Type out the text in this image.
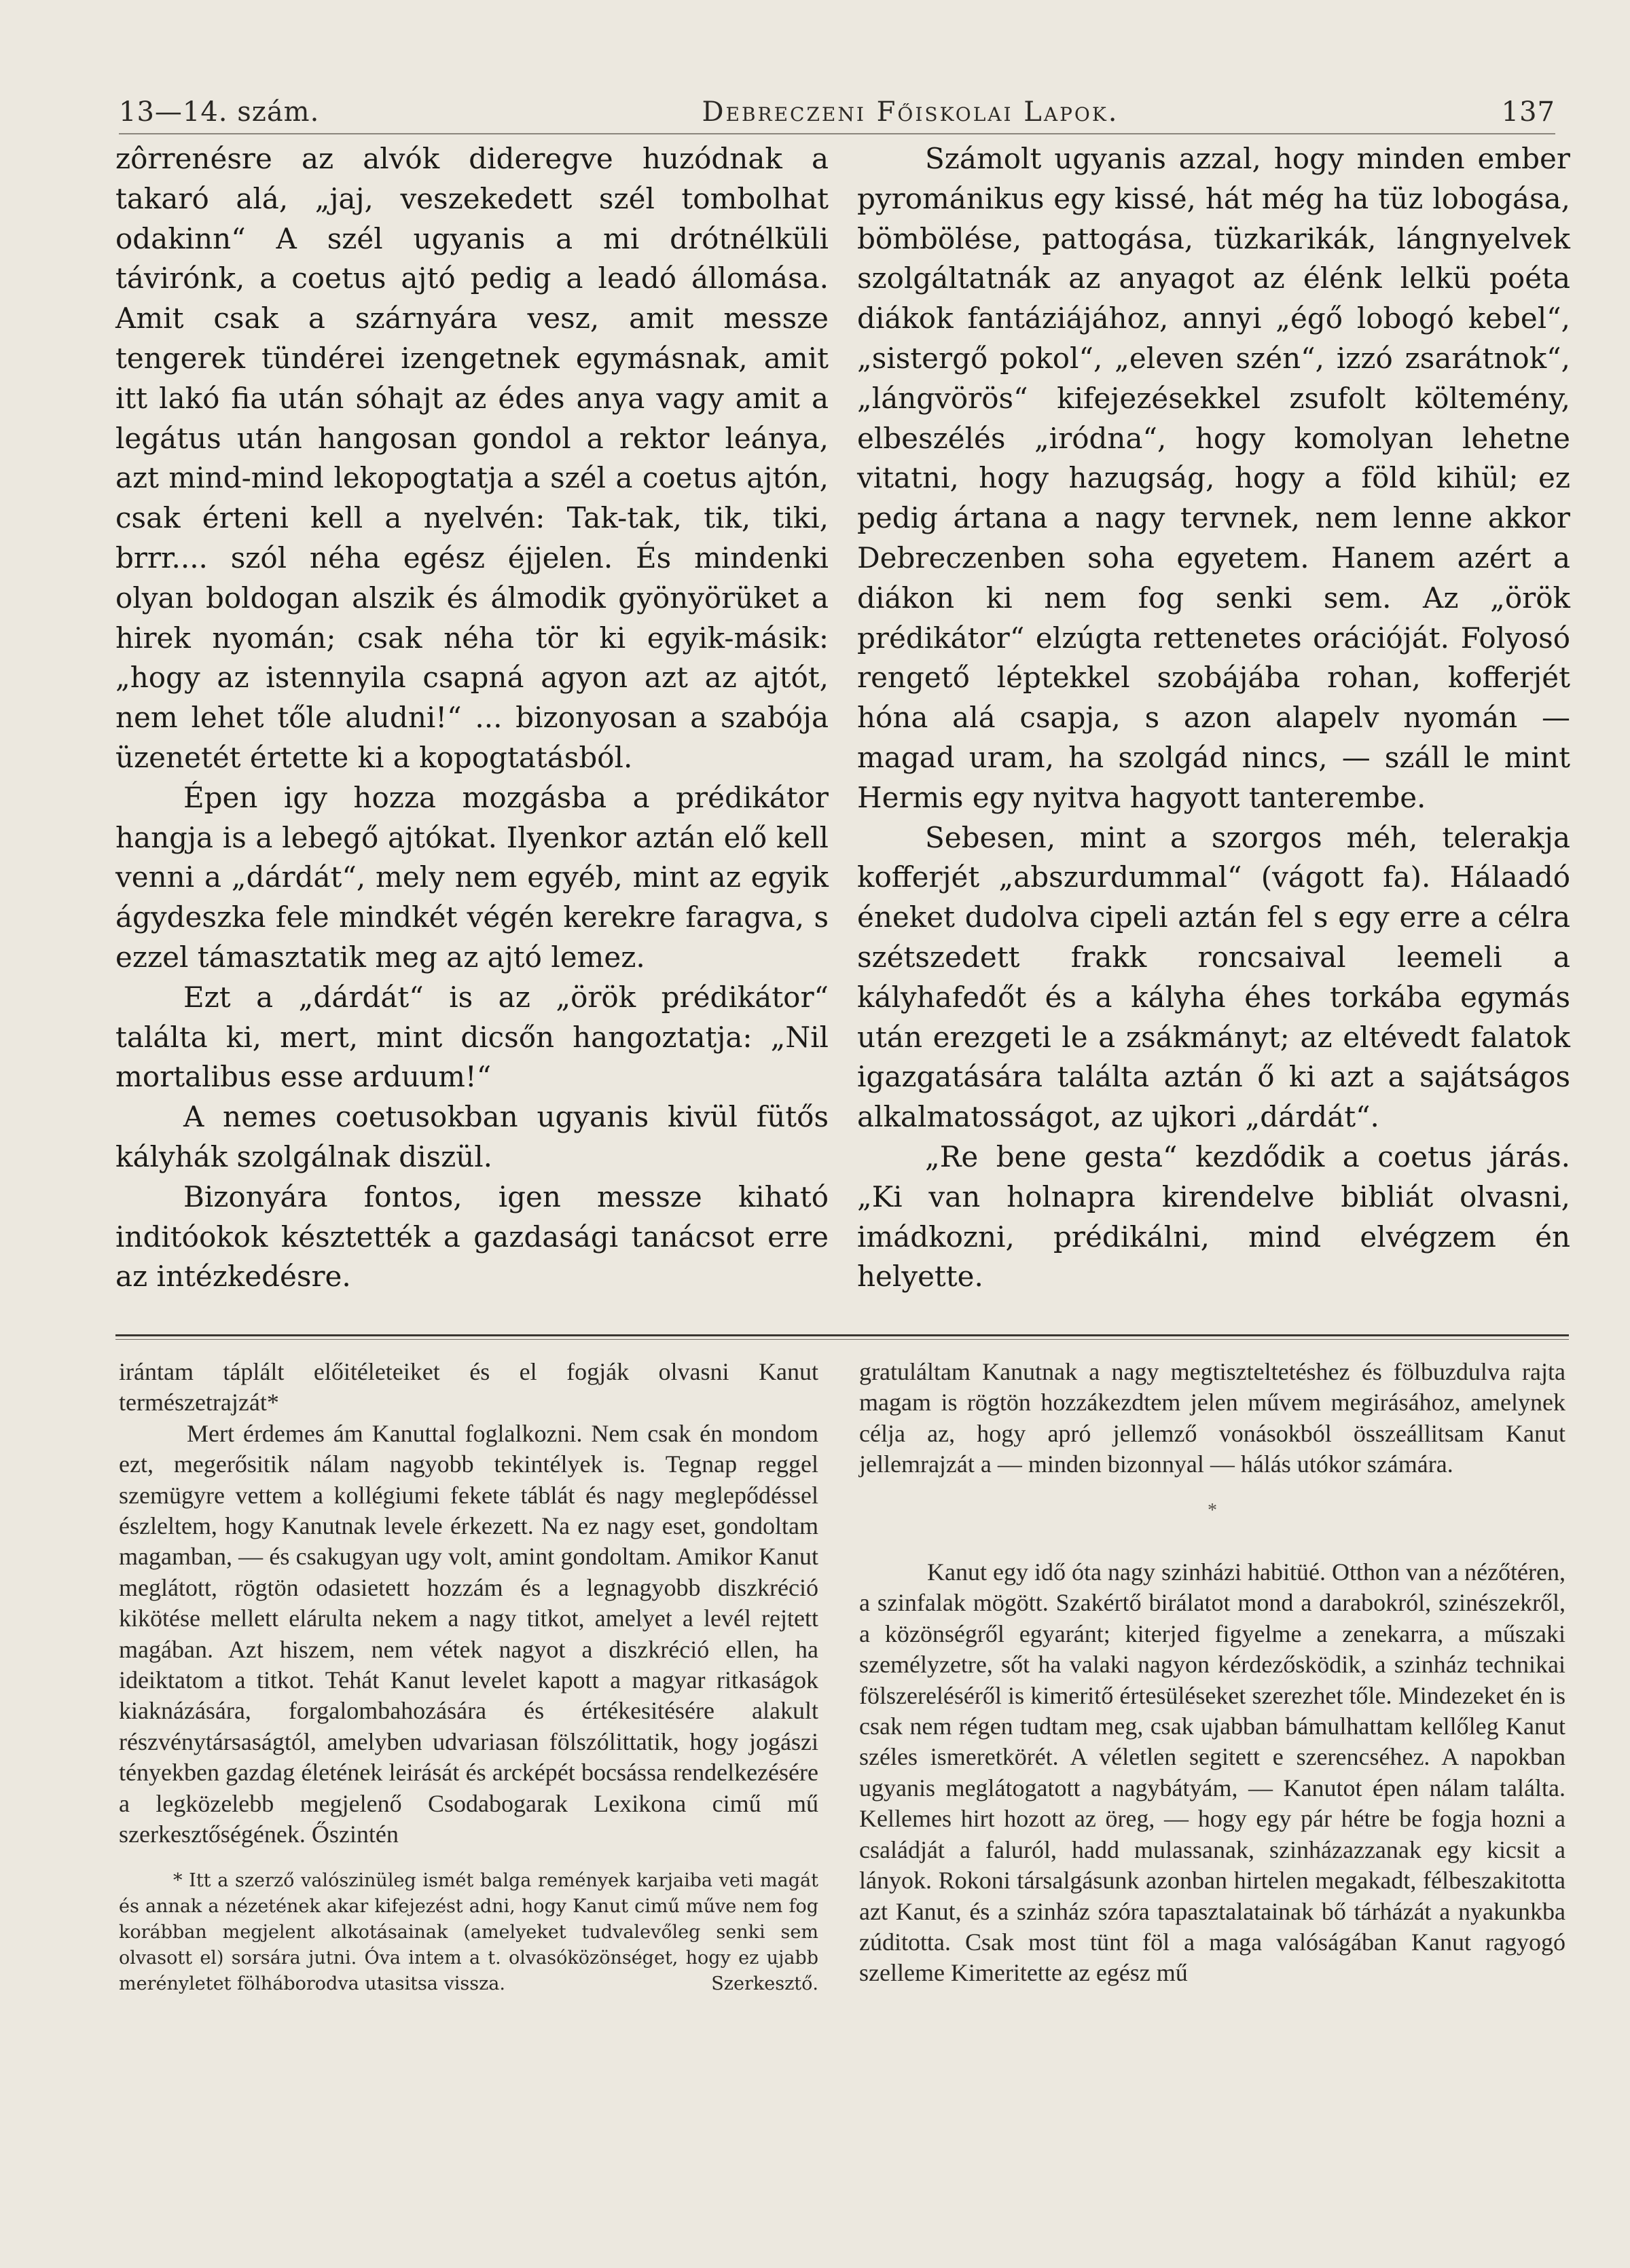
13—14. szám.	Debreczeni Főiskolai Lapok.	137

zôrrenésre az alvók dideregve huzódnak a takaró alá, „jaj, veszekedett szél tombolhat odakinn“ A szél ugyanis a mi drótnélküli távirónk, a coetus ajtó pedig a leadó állomása. Amit csak a szárnyára vesz, amit messze tengerek tündérei izengetnek egymásnak, amit itt lakó fia után sóhajt az édes anya vagy amit a legátus után hangosan gondol a rektor leánya, azt mind-mind lekopogtatja a szél a coetus ajtón, csak érteni kell a nyelvén: Tak-tak, tik, tiki, brrr.... szól néha egész éjjelen. És mindenki olyan boldogan alszik és álmodik gyönyörüket a hirek nyomán; csak néha tör ki egyik-másik: „hogy az istennyila csapná agyon azt az ajtót, nem lehet tőle aludni!“ ... bizonyosan a szabója üzenetét értette ki a kopogtatásból.

Épen igy hozza mozgásba a prédikátor hangja is a lebegő ajtókat. Ilyenkor aztán elő kell venni a „dárdát“, mely nem egyéb, mint az egyik ágydeszka fele mindkét végén kerekre faragva, s ezzel támasztatik meg az ajtó lemez.

Ezt a „dárdát“ is az „örök prédikátor“ találta ki, mert, mint dicsőn hangoztatja: „Nil mortalibus esse arduum!“

A nemes coetusokban ugyanis kivül fütős kályhák szolgálnak diszül.

Bizonyára fontos, igen messze kiható inditóokok késztették a gazdasági tanácsot erre az intézkedésre.

Számolt ugyanis azzal, hogy minden ember pyrománikus egy kissé, hát még ha tüz lobogása, bömbölése, pattogása, tüzkarikák, lángnyelvek szolgáltatnák az anyagot az élénk lelkü poéta diákok fantáziájához, annyi „égő lobogó kebel“, „sistergő pokol“, „eleven szén“, izzó zsarátnok“, „lángvörös“ kifejezésekkel zsufolt költemény, elbeszélés „iródna“, hogy komolyan lehetne vitatni, hogy hazugság, hogy a föld kihül; ez pedig ártana a nagy tervnek, nem lenne akkor Debreczenben soha egyetem. Hanem azért a diákon ki nem fog senki sem. Az „örök prédikátor“ elzúgta rettenetes orációját. Folyosó rengető léptekkel szobájába rohan, kofferjét hóna alá csapja, s azon alapelv nyomán — magad uram, ha szolgád nincs, — száll le mint Hermis egy nyitva hagyott tanterembe.

Sebesen, mint a szorgos méh, telerakja kofferjét „abszurdummal“ (vágott fa). Hálaadó éneket dudolva cipeli aztán fel s egy erre a célra szétszedett frakk roncsaival leemeli a kályhafedőt és a kályha éhes torkába egymás után erezgeti le a zsákmányt; az eltévedt falatok igazgatására találta aztán ő ki azt a sajátságos alkalmatosságot, az ujkori „dárdát“.

„Re bene gesta“ kezdődik a coetus járás. „Ki van holnapra kirendelve bibliát olvasni, imádkozni, prédikálni, mind elvégzem én helyette.

irántam táplált előitéleteiket és el fogják olvasni Kanut természetrajzát*

Mert érdemes ám Kanuttal foglalkozni. Nem csak én mondom ezt, megerősitik nálam nagyobb tekintélyek is. Tegnap reggel szemügyre vettem a kollégiumi fekete táblát és nagy meglepődéssel észleltem, hogy Kanutnak levele érkezett. Na ez nagy eset, gondoltam magamban, — és csakugyan ugy volt, amint gondoltam. Amikor Kanut meglátott, rögtön odasietett hozzám és a legnagyobb diszkréció kikötése mellett elárulta nekem a nagy titkot, amelyet a levél rejtett magában. Azt hiszem, nem vétek nagyot a diszkréció ellen, ha ideiktatom a titkot. Tehát Kanut levelet kapott a magyar ritkaságok kiaknázására, forgalombahozására és értékesitésére alakult részvénytársaságtól, amelyben udvariasan fölszólittatik, hogy jogászi tényekben gazdag életének leirását és arcképét bocsássa rendelkezésére a legközelebb megjelenő Csodabogarak Lexikona cimű mű szerkesztőségének. Őszintén

* Itt a szerző valószinüleg ismét balga remények karjaiba veti magát és annak a nézetének akar kifejezést adni, hogy Kanut cimű műve nem fog korábban megjelent alkotásainak (amelyeket tudvalevőleg senki sem olvasott el) sorsára jutni. Óva intem a t. olvasóközönséget, hogy ez ujabb merényletet fölháborodva utasitsa vissza.	Szerkesztő.

gratuláltam Kanutnak a nagy megtiszteltetéshez és fölbuzdulva rajta magam is rögtön hozzákezdtem jelen művem megirásához, amelynek célja az, hogy apró jellemző vonásokból összeállitsam Kanut jellemrajzát a — minden bizonnyal — hálás utókor számára.

*

Kanut egy idő óta nagy szinházi habitüé. Otthon van a nézőtéren, a szinfalak mögött. Szakértő birálatot mond a darabokról, szinészekről, a közönségről egyaránt; kiterjed figyelme a zenekarra, a műszaki személyzetre, sőt ha valaki nagyon kérdezősködik, a szinház technikai fölszereléséről is kimeritő értesüléseket szerezhet tőle. Mindezeket én is csak nem régen tudtam meg, csak ujabban bámulhattam kellőleg Kanut széles ismeretkörét. A véletlen segitett e szerencséhez. A napokban ugyanis meglátogatott a nagybátyám, — Kanutot épen nálam találta. Kellemes hirt hozott az öreg, — hogy egy pár hétre be fogja hozni a családját a faluról, hadd mulassanak, szinházazzanak egy kicsit a lányok. Rokoni társalgásunk azonban hirtelen megakadt, félbeszakitotta azt Kanut, és a szinház szóra tapasztalatainak bő tárházát a nyakunkba zúditotta. Csak most tünt föl a maga valóságában Kanut ragyogó szelleme Kimeritette az egész mű
